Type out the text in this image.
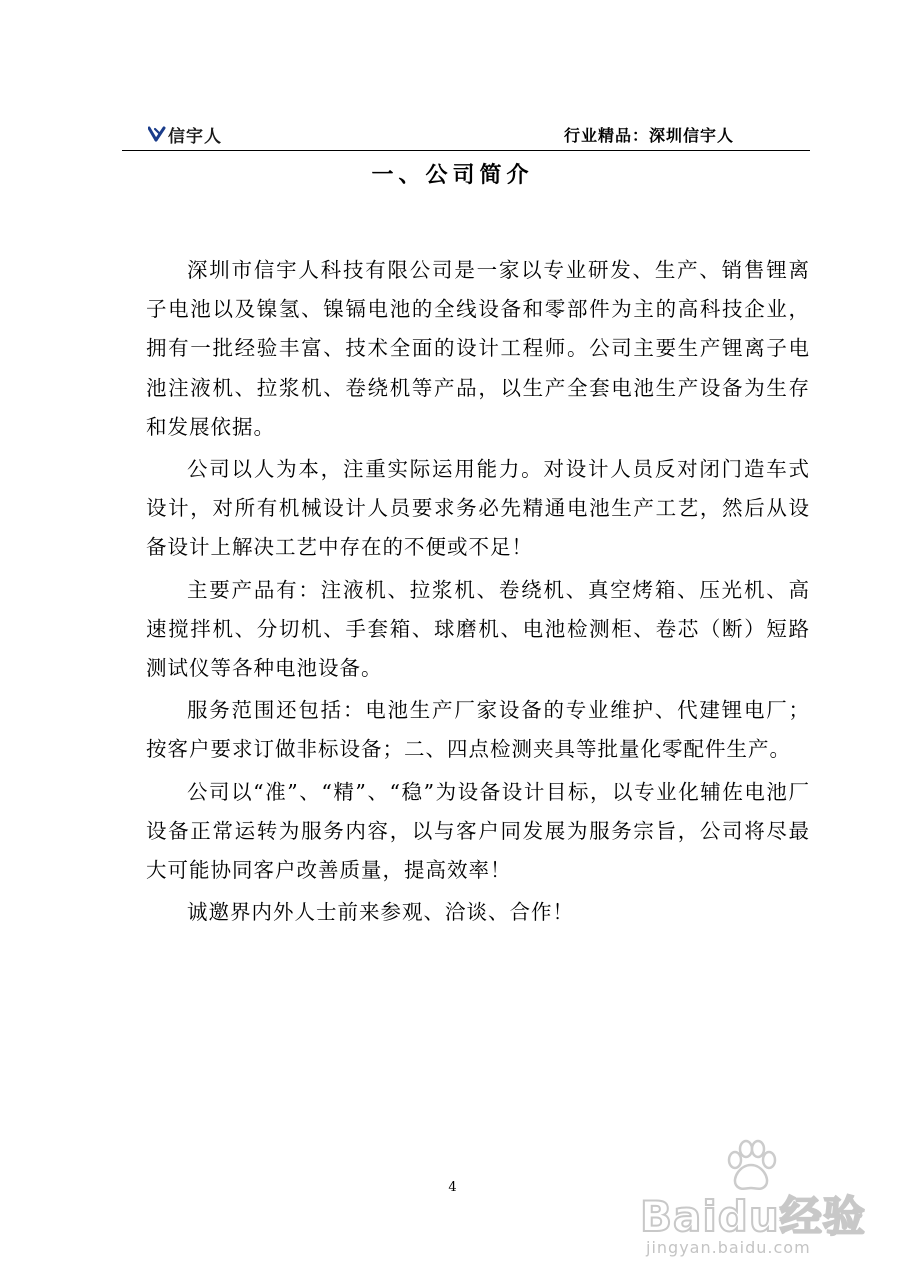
信宇人	行业精品：深圳信宇人
一、公司简介

深圳市信宇人科技有限公司是一家以专业研发、生产、销售锂离子电池以及镍氢、镍镉电池的全线设备和零部件为主的高科技企业，拥有一批经验丰富、技术全面的设计工程师。公司主要生产锂离子电池注液机、拉浆机、卷绕机等产品，以生产全套电池生产设备为生存和发展依据。

公司以人为本，注重实际运用能力。对设计人员反对闭门造车式设计，对所有机械设计人员要求务必先精通电池生产工艺，然后从设备设计上解决工艺中存在的不便或不足！

主要产品有：注液机、拉浆机、卷绕机、真空烤箱、压光机、高速搅拌机、分切机、手套箱、球磨机、电池检测柜、卷芯（断）短路测试仪等各种电池设备。

服务范围还包括：电池生产厂家设备的专业维护、代建锂电厂；按客户要求订做非标设备；二、四点检测夹具等批量化零配件生产。

公司以“准”、“精”、“稳”为设备设计目标，以专业化辅佐电池厂设备正常运转为服务内容，以与客户同发展为服务宗旨，公司将尽最大可能协同客户改善质量，提高效率！

诚邀界内外人士前来参观、洽谈、合作！

4
Baidu经验
jingyan.baidu.com
